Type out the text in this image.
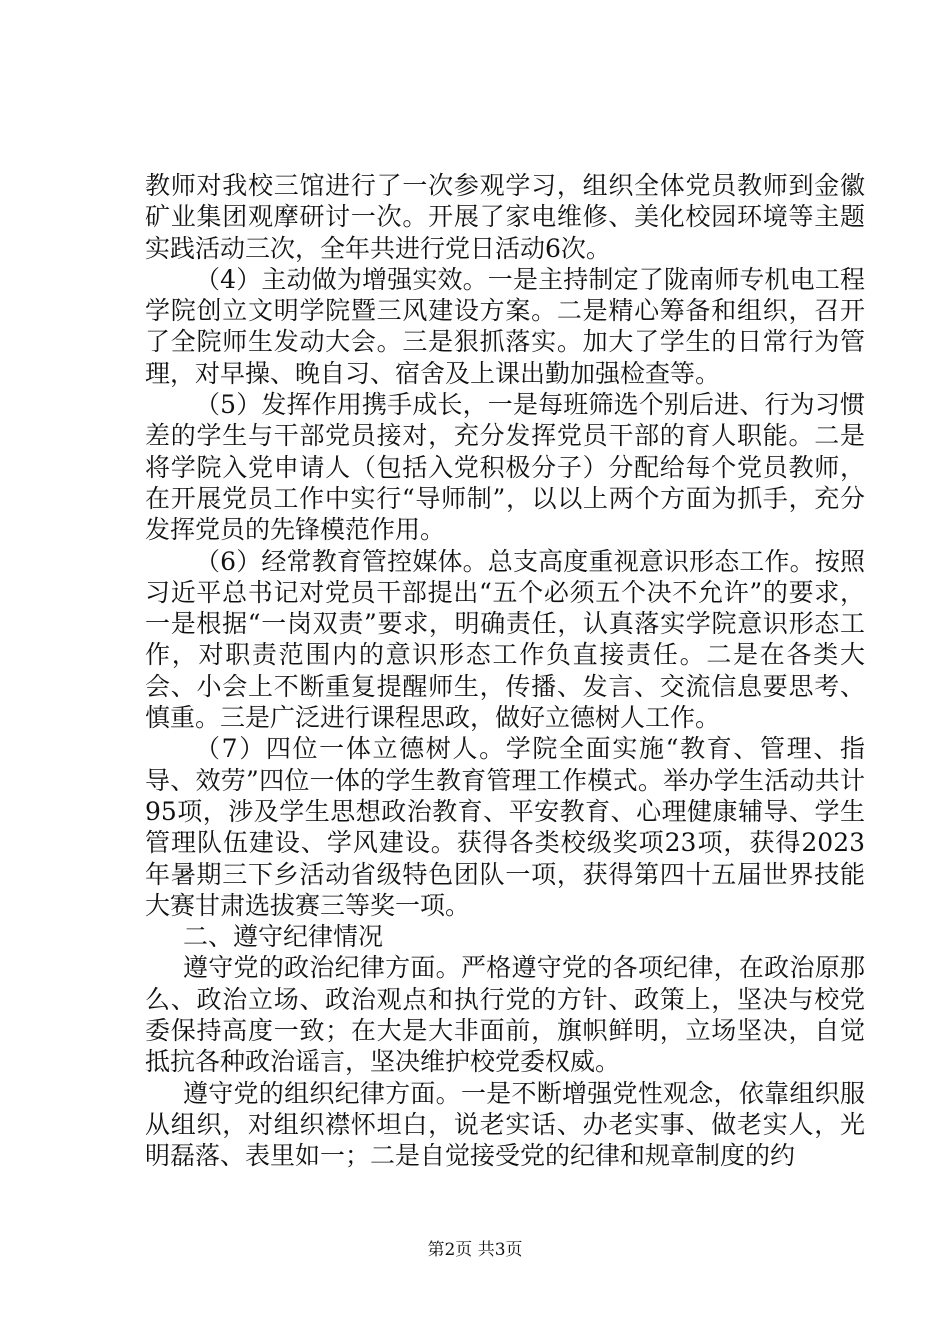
教师对我校三馆进行了一次参观学习，组织全体党员教师到金徽矿业集团观摩研讨一次。开展了家电维修、美化校园环境等主题实践活动三次，全年共进行党日活动6次。

（4）主动做为增强实效。一是主持制定了陇南师专机电工程学院创立文明学院暨三风建设方案。二是精心筹备和组织，召开了全院师生发动大会。三是狠抓落实。加大了学生的日常行为管理，对早操、晚自习、宿舍及上课出勤加强检查等。

（5）发挥作用携手成长，一是每班筛选个别后进、行为习惯差的学生与干部党员接对，充分发挥党员干部的育人职能。二是将学院入党申请人（包括入党积极分子）分配给每个党员教师，在开展党员工作中实行“导师制”，以以上两个方面为抓手，充分发挥党员的先锋模范作用。

（6）经常教育管控媒体。总支高度重视意识形态工作。按照习近平总书记对党员干部提出“五个必须五个决不允许”的要求，一是根据“一岗双责”要求，明确责任，认真落实学院意识形态工作，对职责范围内的意识形态工作负直接责任。二是在各类大会、小会上不断重复提醒师生，传播、发言、交流信息要思考、慎重。三是广泛进行课程思政，做好立德树人工作。

（7）四位一体立德树人。学院全面实施“教育、管理、指导、效劳”四位一体的学生教育管理工作模式。举办学生活动共计95项，涉及学生思想政治教育、平安教育、心理健康辅导、学生管理队伍建设、学风建设。获得各类校级奖项23项，获得2023年暑期三下乡活动省级特色团队一项，获得第四十五届世界技能大赛甘肃选拔赛三等奖一项。

二、遵守纪律情况

遵守党的政治纪律方面。严格遵守党的各项纪律，在政治原那么、政治立场、政治观点和执行党的方针、政策上，坚决与校党委保持高度一致；在大是大非面前，旗帜鲜明，立场坚决，自觉抵抗各种政治谣言，坚决维护校党委权威。

遵守党的组织纪律方面。一是不断增强党性观念，依靠组织服从组织，对组织襟怀坦白，说老实话、办老实事、做老实人，光明磊落、表里如一；二是自觉接受党的纪律和规章制度的约

第2页 共3页
